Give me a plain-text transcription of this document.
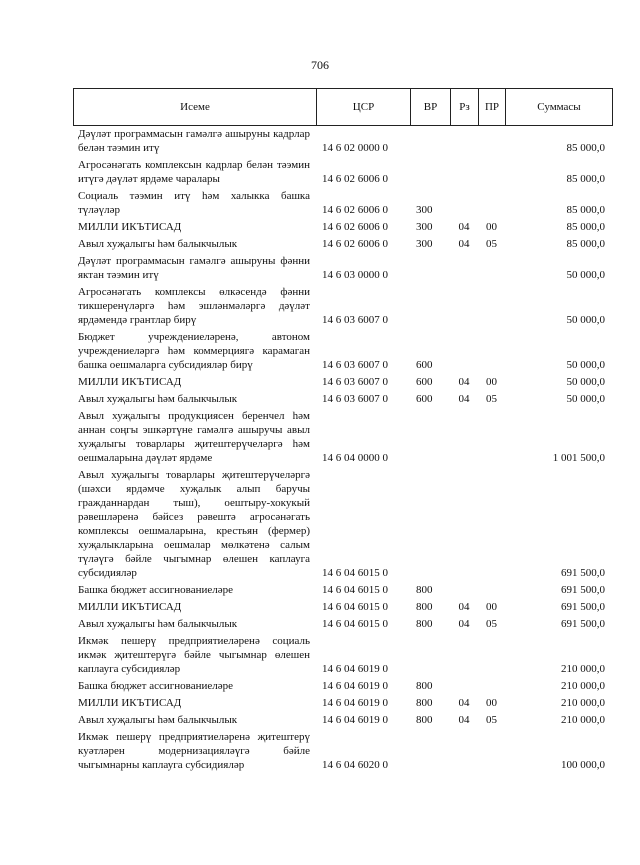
706
Исеме	ЦСР	ВР	Рз	ПР	Суммасы
Дәүләт программасын гамәлгә ашыруны кадрлар белән тәэмин итү	14 6 02 0000 0	85 000,0
Агросәнәгать комплексын кадрлар белән тәэмин итүгә дәүләт ярдәме чаралары	14 6 02 6006 0	85 000,0
Социаль тәэмин итү һәм халыкка башка түләүләр	14 6 02 6006 0	300	85 000,0
МИЛЛИ ИКЪТИСАД	14 6 02 6006 0	300	04	00	85 000,0
Авыл хуҗалыгы һәм балыкчылык	14 6 02 6006 0	300	04	05	85 000,0
Дәүләт программасын гамәлгә ашыруны фәнни яктан тәэмин итү	14 6 03 0000 0	50 000,0
Агросәнәгать комплексы өлкәсендә фәнни тикшеренүләргә һәм эшләнмәләргә дәүләт ярдәмендә грантлар бирү	14 6 03 6007 0	50 000,0
Бюджет учреждениеләренә, автоном учреждениеләргә һәм коммерциягә карамаган башка оешмаларга субсидияләр бирү	14 6 03 6007 0	600	50 000,0
МИЛЛИ ИКЪТИСАД	14 6 03 6007 0	600	04	00	50 000,0
Авыл хуҗалыгы һәм балыкчылык	14 6 03 6007 0	600	04	05	50 000,0
Авыл хуҗалыгы продукциясен беренчел һәм аннан соңгы эшкәртүне гамәлгә ашыручы авыл хуҗалыгы товарлары җитештерүчеләргә һәм оешмаларына дәүләт ярдәме	14 6 04 0000 0	1 001 500,0
Авыл хуҗалыгы товарлары җитештерүчеләргә (шәхси ярдәмче хуҗалык алып баручы гражданнардан тыш), оештыру-хокукый рәвешләренә бәйсез рәвештә агросәнәгать комплексы оешмаларына, крестьян (фермер) хуҗалыкларына оешмалар мөлкәтенә салым түләүгә бәйле чыгымнар өлешен каплауга субсидияләр	14 6 04 6015 0	691 500,0
Башка бюджет ассигнованиеләре	14 6 04 6015 0	800	691 500,0
МИЛЛИ ИКЪТИСАД	14 6 04 6015 0	800	04	00	691 500,0
Авыл хуҗалыгы һәм балыкчылык	14 6 04 6015 0	800	04	05	691 500,0
Икмәк пешерү предприятиеләренә социаль икмәк җитештерүгә бәйле чыгымнар өлешен каплауга субсидияләр	14 6 04 6019 0	210 000,0
Башка бюджет ассигнованиеләре	14 6 04 6019 0	800	210 000,0
МИЛЛИ ИКЪТИСАД	14 6 04 6019 0	800	04	00	210 000,0
Авыл хуҗалыгы һәм балыкчылык	14 6 04 6019 0	800	04	05	210 000,0
Икмәк пешерү предприятиеләренә җитештерү куәтләрен модернизацияләүгә бәйле чыгымнарны каплауга субсидияләр	14 6 04 6020 0	100 000,0
